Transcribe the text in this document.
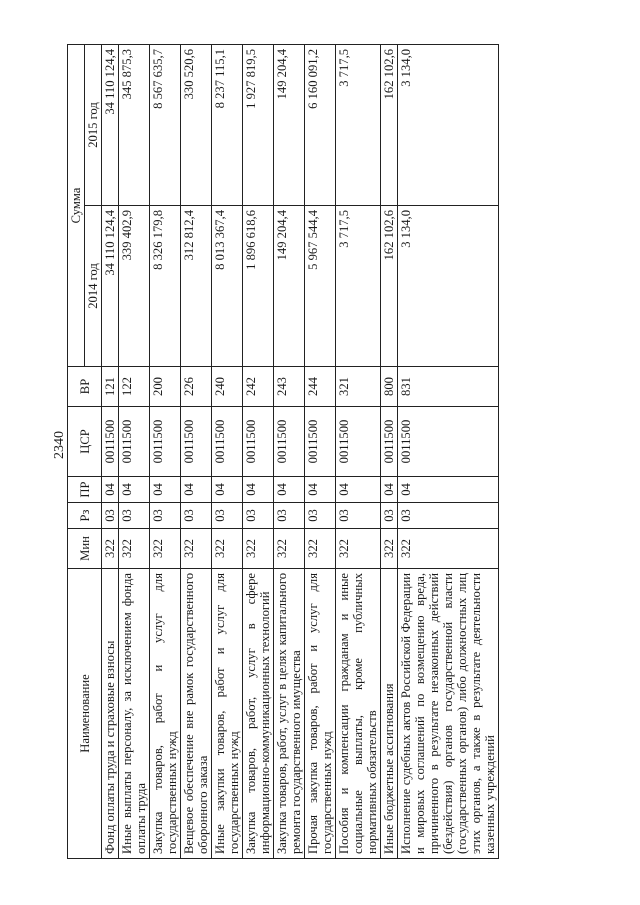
2340
Наименование	Мин	Рз	ПР	ЦСР	ВР	Сумма	
						2014 год	2015 год
Фонд оплаты труда и страховые взносы	322	03	04	0011500	121	34 110 124,4	34 110 124,4
Иные выплаты персоналу, за исключением фонда оплаты труда	322	03	04	0011500	122	339 402,9	345 875,3
Закупка товаров, работ и услуг для государственных нужд	322	03	04	0011500	200	8 326 179,8	8 567 635,7
Вещевое обеспечение вне рамок государственного оборонного заказа	322	03	04	0011500	226	312 812,4	330 520,6
Иные закупки товаров, работ и услуг для государственных нужд	322	03	04	0011500	240	8 013 367,4	8 237 115,1
Закупка товаров, работ, услуг в сфере информационно-коммуникационных технологий	322	03	04	0011500	242	1 896 618,6	1 927 819,5
Закупка товаров, работ, услуг в целях капитального ремонта государственного имущества	322	03	04	0011500	243	149 204,4	149 204,4
Прочая закупка товаров, работ и услуг для государственных нужд	322	03	04	0011500	244	5 967 544,4	6 160 091,2
Пособия и компенсации гражданам и иные социальные выплаты, кроме публичных нормативных обязательств	322	03	04	0011500	321	3 717,5	3 717,5
Иные бюджетные ассигнования	322	03	04	0011500	800	162 102,6	162 102,6
Исполнение судебных актов Российской Федерации и мировых соглашений по возмещению вреда, причиненного в результате незаконных действий (бездействия) органов государственной власти (государственных органов) либо должностных лиц этих органов, а также в результате деятельности казенных учреждений	322	03	04	0011500	831	3 134,0	3 134,0
